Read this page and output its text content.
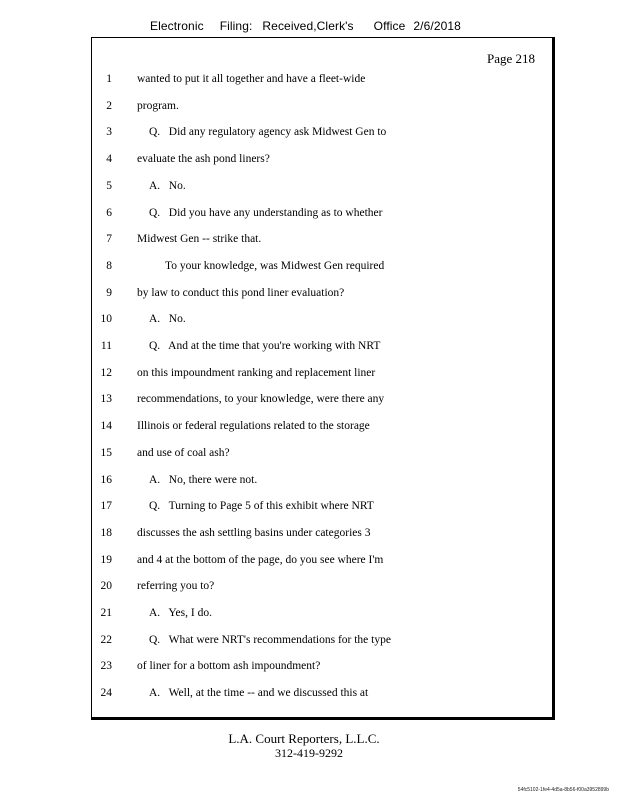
Electronic Filing: Received,Clerk's Office 2/6/2018
Page 218
1 wanted to put it all together and have a fleet-wide
2 program.
3	Q.   Did any regulatory agency ask Midwest Gen to
4 evaluate the ash pond liners?
5	A.   No.
6	Q.   Did you have any understanding as to whether
7 Midwest Gen -- strike that.
8	To your knowledge, was Midwest Gen required
9 by law to conduct this pond liner evaluation?
10	A.   No.
11	Q.   And at the time that you're working with NRT
12 on this impoundment ranking and replacement liner
13 recommendations, to your knowledge, were there any
14 Illinois or federal regulations related to the storage
15 and use of coal ash?
16	A.   No, there were not.
17	Q.   Turning to Page 5 of this exhibit where NRT
18 discusses the ash settling basins under categories 3
19 and 4 at the bottom of the page, do you see where I'm
20 referring you to?
21	A.   Yes, I do.
22	Q.   What were NRT's recommendations for the type
23 of liner for a bottom ash impoundment?
24	A.   Well, at the time -- and we discussed this at
L.A. Court Reporters, L.L.C.
312-419-9292
54fc5102-1fe4-4d5a-8b56-f00a3952899b
